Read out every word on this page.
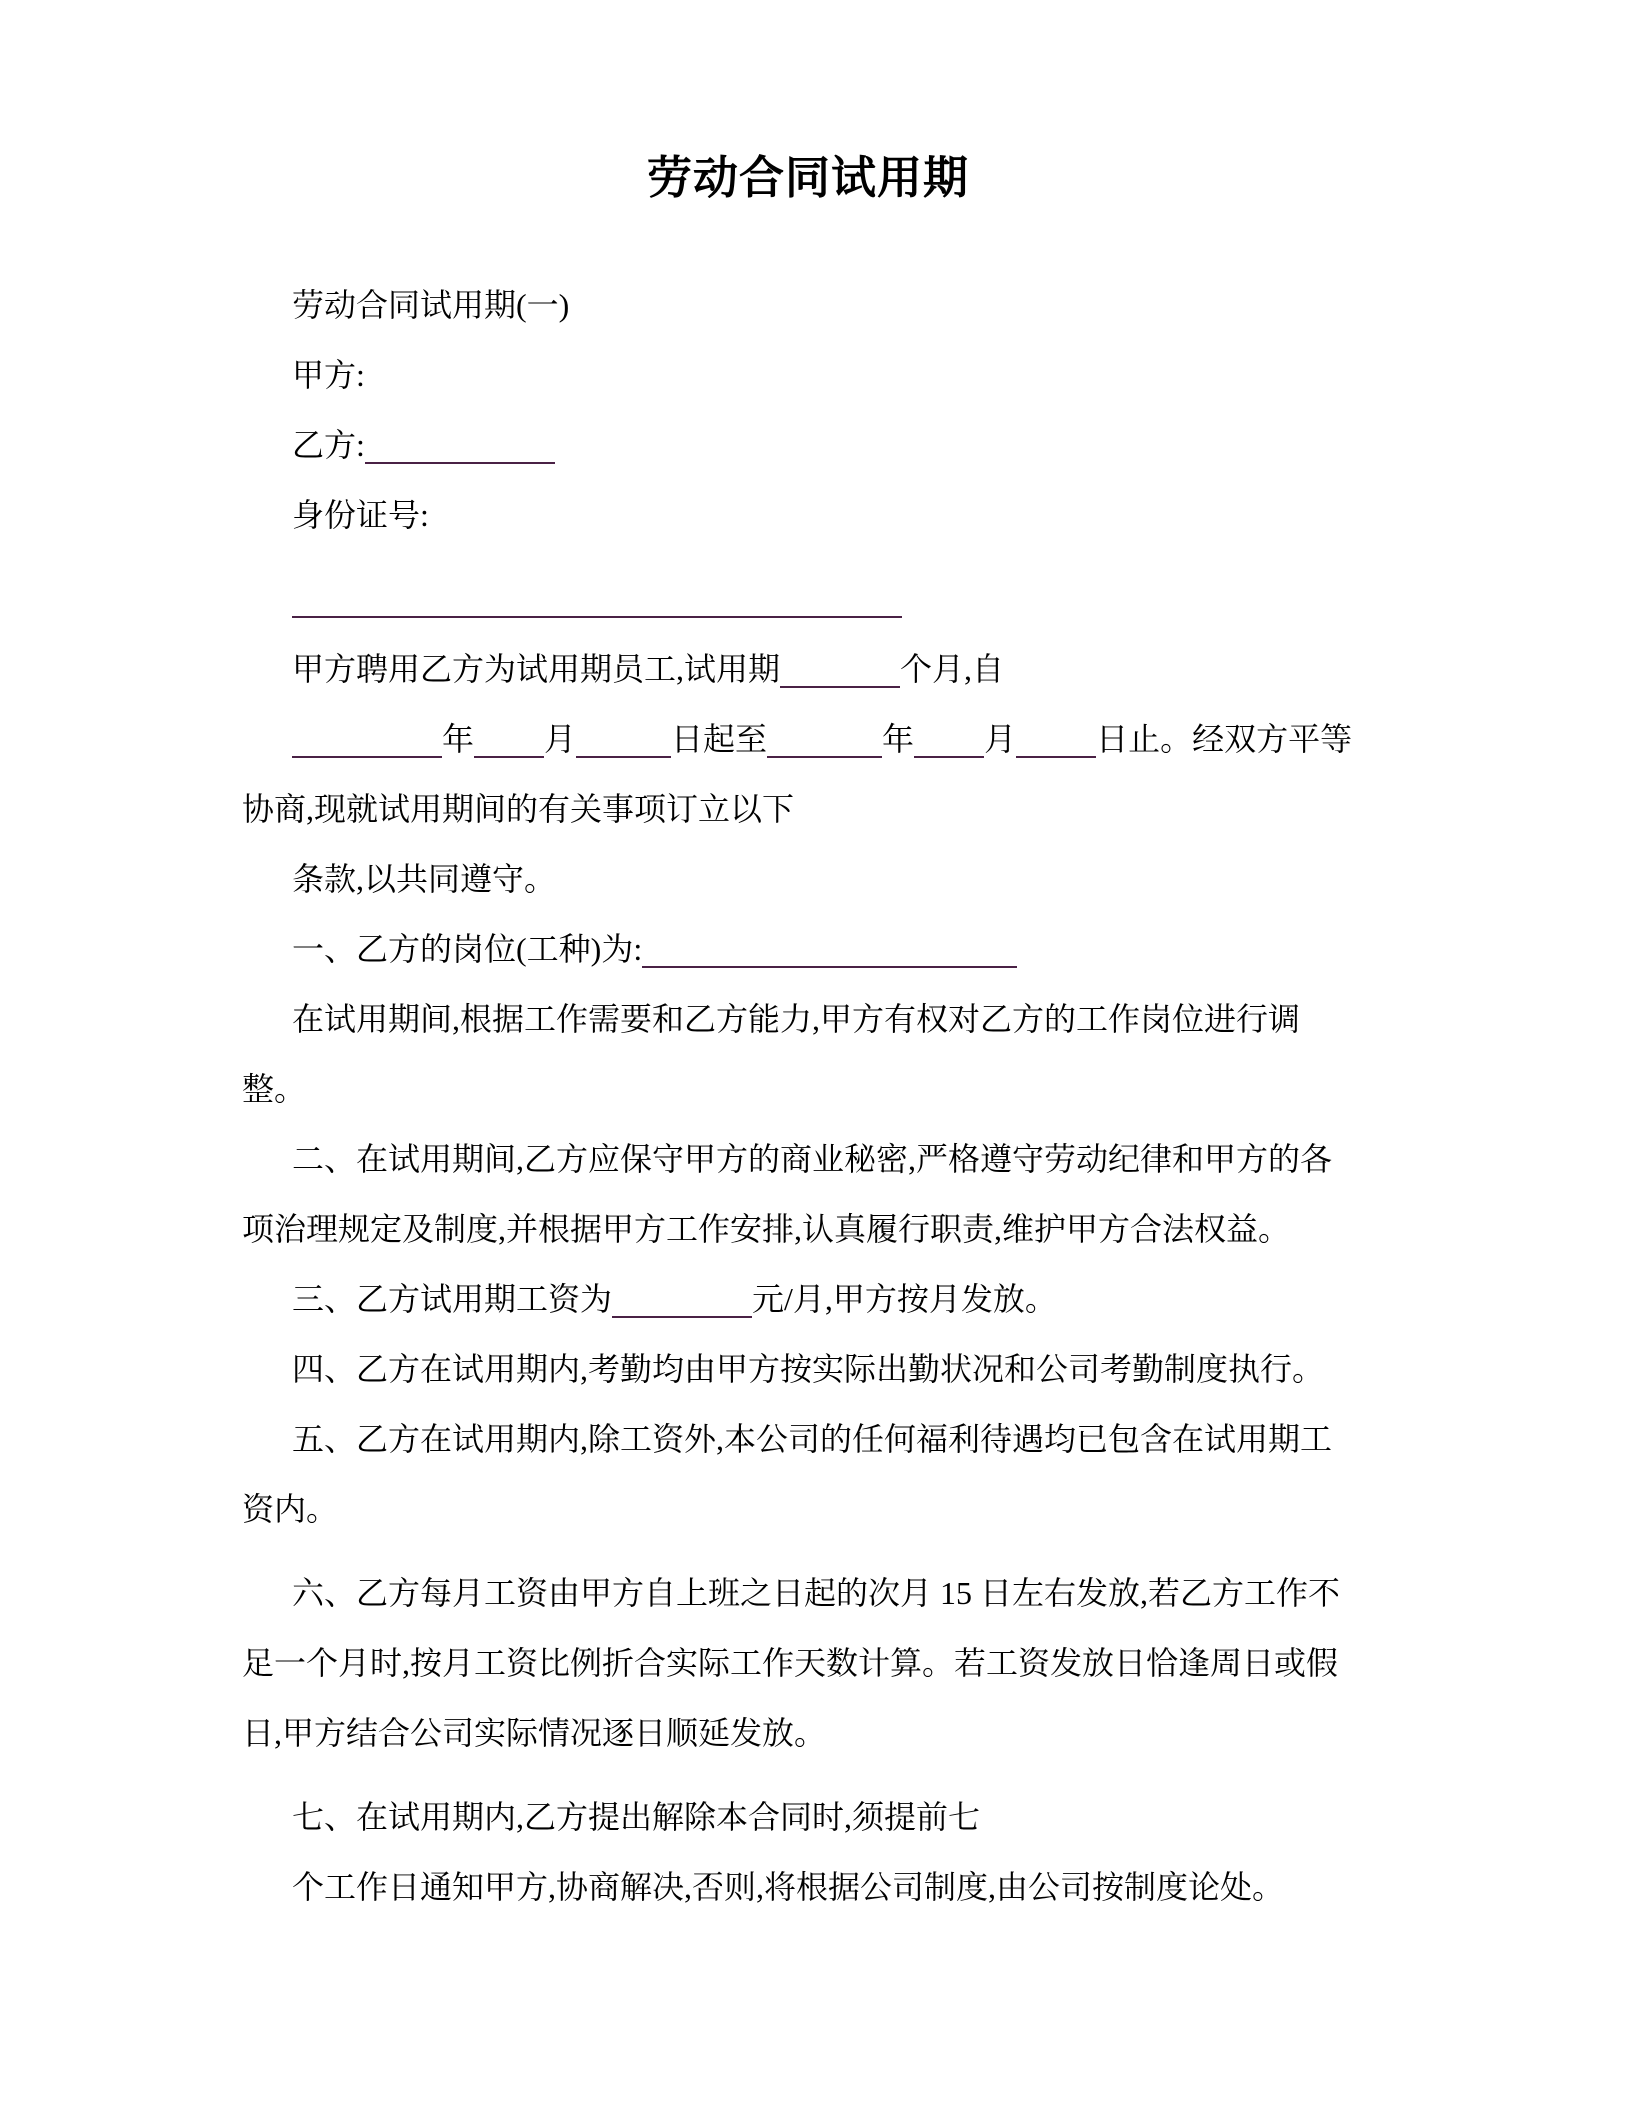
劳动合同试用期

劳动合同试用期(一)

甲方:

乙方:

身份证号:

甲方聘用乙方为试用期员工,试用期	个月,自

年 月	日起至	年 月	日止。经双方平等

协商,现就试用期间的有关事项订立以下

条款,以共同遵守。

一、乙方的岗位(工种)为:

在试用期间,根据工作需要和乙方能力,甲方有权对乙方的工作岗位进行调

整。

二、在试用期间,乙方应保守甲方的商业秘密,严格遵守劳动纪律和甲方的各

项治理规定及制度,并根据甲方工作安排,认真履行职责,维护甲方合法权益。

三、乙方试用期工资为	元/月,甲方按月发放。

四、乙方在试用期内,考勤均由甲方按实际出勤状况和公司考勤制度执行。

五、乙方在试用期内,除工资外,本公司的任何福利待遇均已包含在试用期工

资内。

六、乙方每月工资由甲方自上班之日起的次月 15 日左右发放,若乙方工作不

足一个月时,按月工资比例折合实际工作天数计算。若工资发放日恰逢周日或假

日,甲方结合公司实际情况逐日顺延发放。

七、在试用期内,乙方提出解除本合同时,须提前七

个工作日通知甲方,协商解决,否则,将根据公司制度,由公司按制度论处。
